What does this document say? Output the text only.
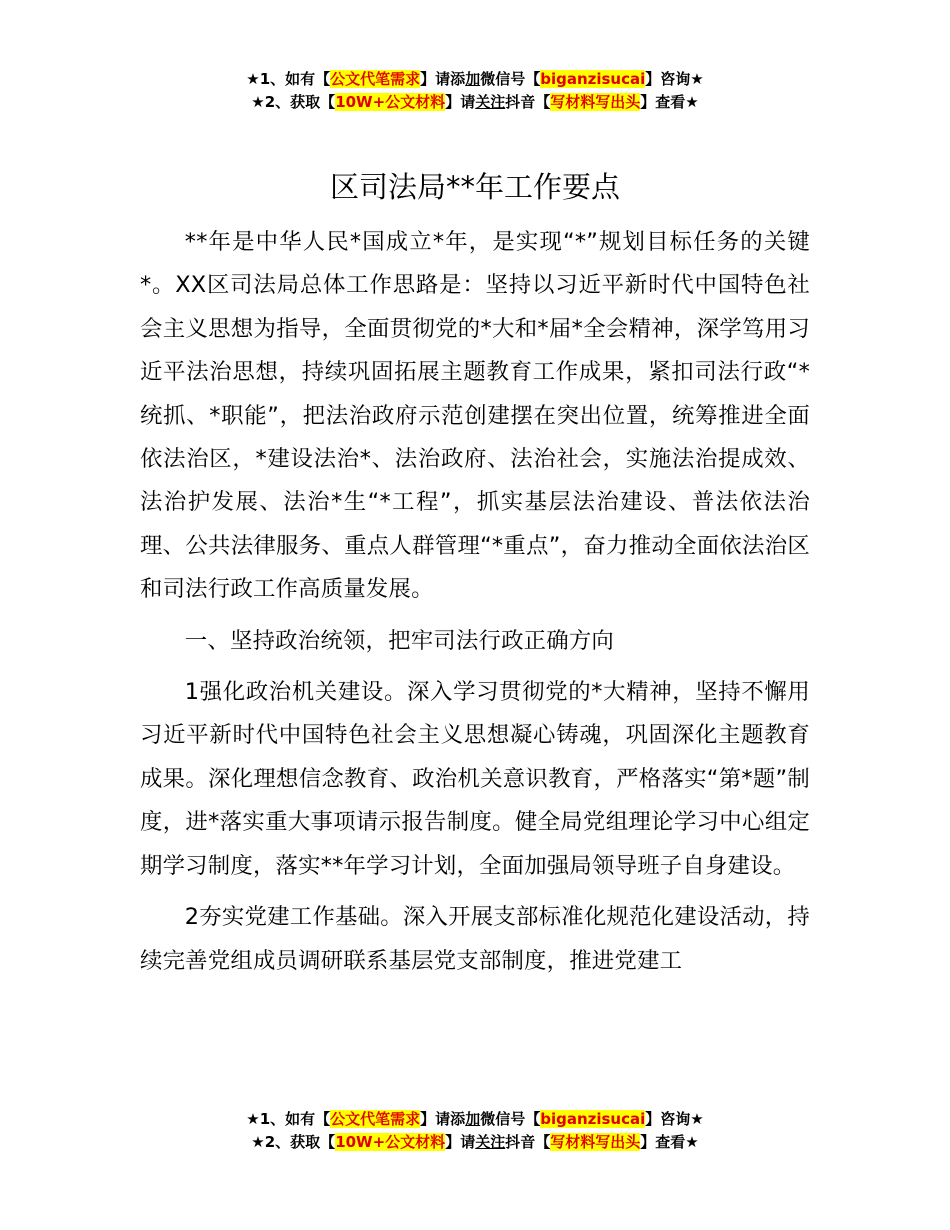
★1、如有【公文代笔需求】请添加微信号【biganzisucai】咨询★
★2、获取【10W+公文材料】请关注抖音【写材料写出头】查看★
区司法局**年工作要点

**年是中华人民*国成立*年，是实现“*”规划目标任务的关键*。XX区司法局总体工作思路是：坚持以习近平新时代中国特色社会主义思想为指导，全面贯彻党的*大和*届*全会精神，深学笃用习近平法治思想，持续巩固拓展主题教育工作成果，紧扣司法行政“*统抓、*职能”，把法治政府示范创建摆在突出位置，统筹推进全面依法治区，*建设法治*、法治政府、法治社会，实施法治提成效、法治护发展、法治*生“*工程”，抓实基层法治建设、普法依法治理、公共法律服务、重点人群管理“*重点”，奋力推动全面依法治区和司法行政工作高质量发展。

一、坚持政治统领，把牢司法行政正确方向

1强化政治机关建设。深入学习贯彻党的*大精神，坚持不懈用习近平新时代中国特色社会主义思想凝心铸魂，巩固深化主题教育成果。深化理想信念教育、政治机关意识教育，严格落实“第*题”制度，进*落实重大事项请示报告制度。健全局党组理论学习中心组定期学习制度，落实**年学习计划，全面加强局领导班子自身建设。

2夯实党建工作基础。深入开展支部标准化规范化建设活动，持续完善党组成员调研联系基层党支部制度，推进党建工

★1、如有【公文代笔需求】请添加微信号【biganzisucai】咨询★
★2、获取【10W+公文材料】请关注抖音【写材料写出头】查看★
